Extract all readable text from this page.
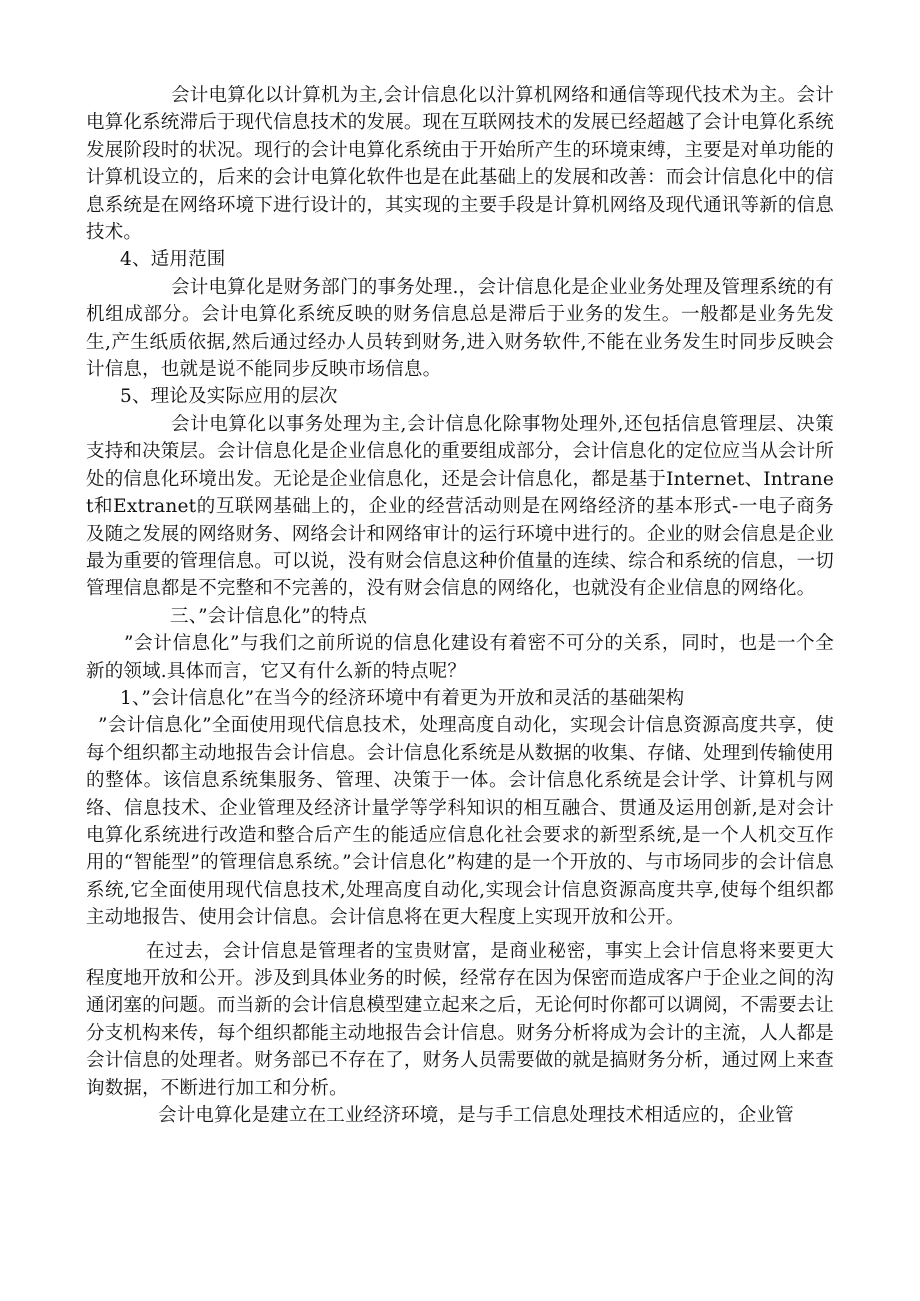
会计电算化以计算机为主,会计信息化以汁算机网络和通信等现代技术为主。会计电算化系统滞后于现代信息技术的发展。现在互联网技术的发展已经超越了会计电算化系统发展阶段时的状况。现行的会计电算化系统由于开始所产生的环境束缚，主要是对单功能的计算机设立的，后来的会计电算化软件也是在此基础上的发展和改善：而会计信息化中的信息系统是在网络环境下进行设计的，其实现的主要手段是计算机网络及现代通讯等新的信息技术。

4、适用范围

会计电算化是财务部门的事务处理.，会计信息化是企业业务处理及管理系统的有机组成部分。会计电算化系统反映的财务信息总是滞后于业务的发生。一般都是业务先发生,产生纸质依据,然后通过经办人员转到财务,进入财务软件,不能在业务发生时同步反映会计信息，也就是说不能同步反映市场信息。

5、理论及实际应用的层次

会计电算化以事务处理为主,会计信息化除事物处理外,还包括信息管理层、决策支持和决策层。会计信息化是企业信息化的重要组成部分，会计信息化的定位应当从会计所处的信息化环境出发。无论是企业信息化，还是会计信息化，都是基于Internet、Intranet和Extranet的互联网基础上的，企业的经营活动则是在网络经济的基本形式-一电子商务及随之发展的网络财务、网络会计和网络审计的运行环境中进行的。企业的财会信息是企业最为重要的管理信息。可以说，没有财会信息这种价值量的连续、综合和系统的信息，一切管理信息都是不完整和不完善的，没有财会信息的网络化，也就没有企业信息的网络化。

三、”会计信息化”的特点

”会计信息化”与我们之前所说的信息化建设有着密不可分的关系，同时，也是一个全新的领域.具体而言，它又有什么新的特点呢？

1、”会计信息化”在当今的经济环境中有着更为开放和灵活的基础架构

”会计信息化”全面使用现代信息技术，处理高度自动化，实现会计信息资源高度共享，使每个组织都主动地报告会计信息。会计信息化系统是从数据的收集、存储、处理到传输使用的整体。该信息系统集服务、管理、决策于一体。会计信息化系统是会计学、计算机与网络、信息技术、企业管理及经济计量学等学科知识的相互融合、贯通及运用创新,是对会计电算化系统进行改造和整合后产生的能适应信息化社会要求的新型系统,是一个人机交互作用的“智能型”的管理信息系统。”会计信息化”构建的是一个开放的、与市场同步的会计信息系统,它全面使用现代信息技术,处理高度自动化,实现会计信息资源高度共享,使每个组织都主动地报告、使用会计信息。会计信息将在更大程度上实现开放和公开。

在过去，会计信息是管理者的宝贵财富，是商业秘密，事实上会计信息将来要更大程度地开放和公开。涉及到具体业务的时候，经常存在因为保密而造成客户于企业之间的沟通闭塞的问题。而当新的会计信息模型建立起来之后，无论何时你都可以调阅，不需要去让分支机构来传，每个组织都能主动地报告会计信息。财务分析将成为会计的主流，人人都是会计信息的处理者。财务部已不存在了，财务人员需要做的就是搞财务分析，通过网上来查询数据，不断进行加工和分析。

会计电算化是建立在工业经济环境，是与手工信息处理技术相适应的，企业管
